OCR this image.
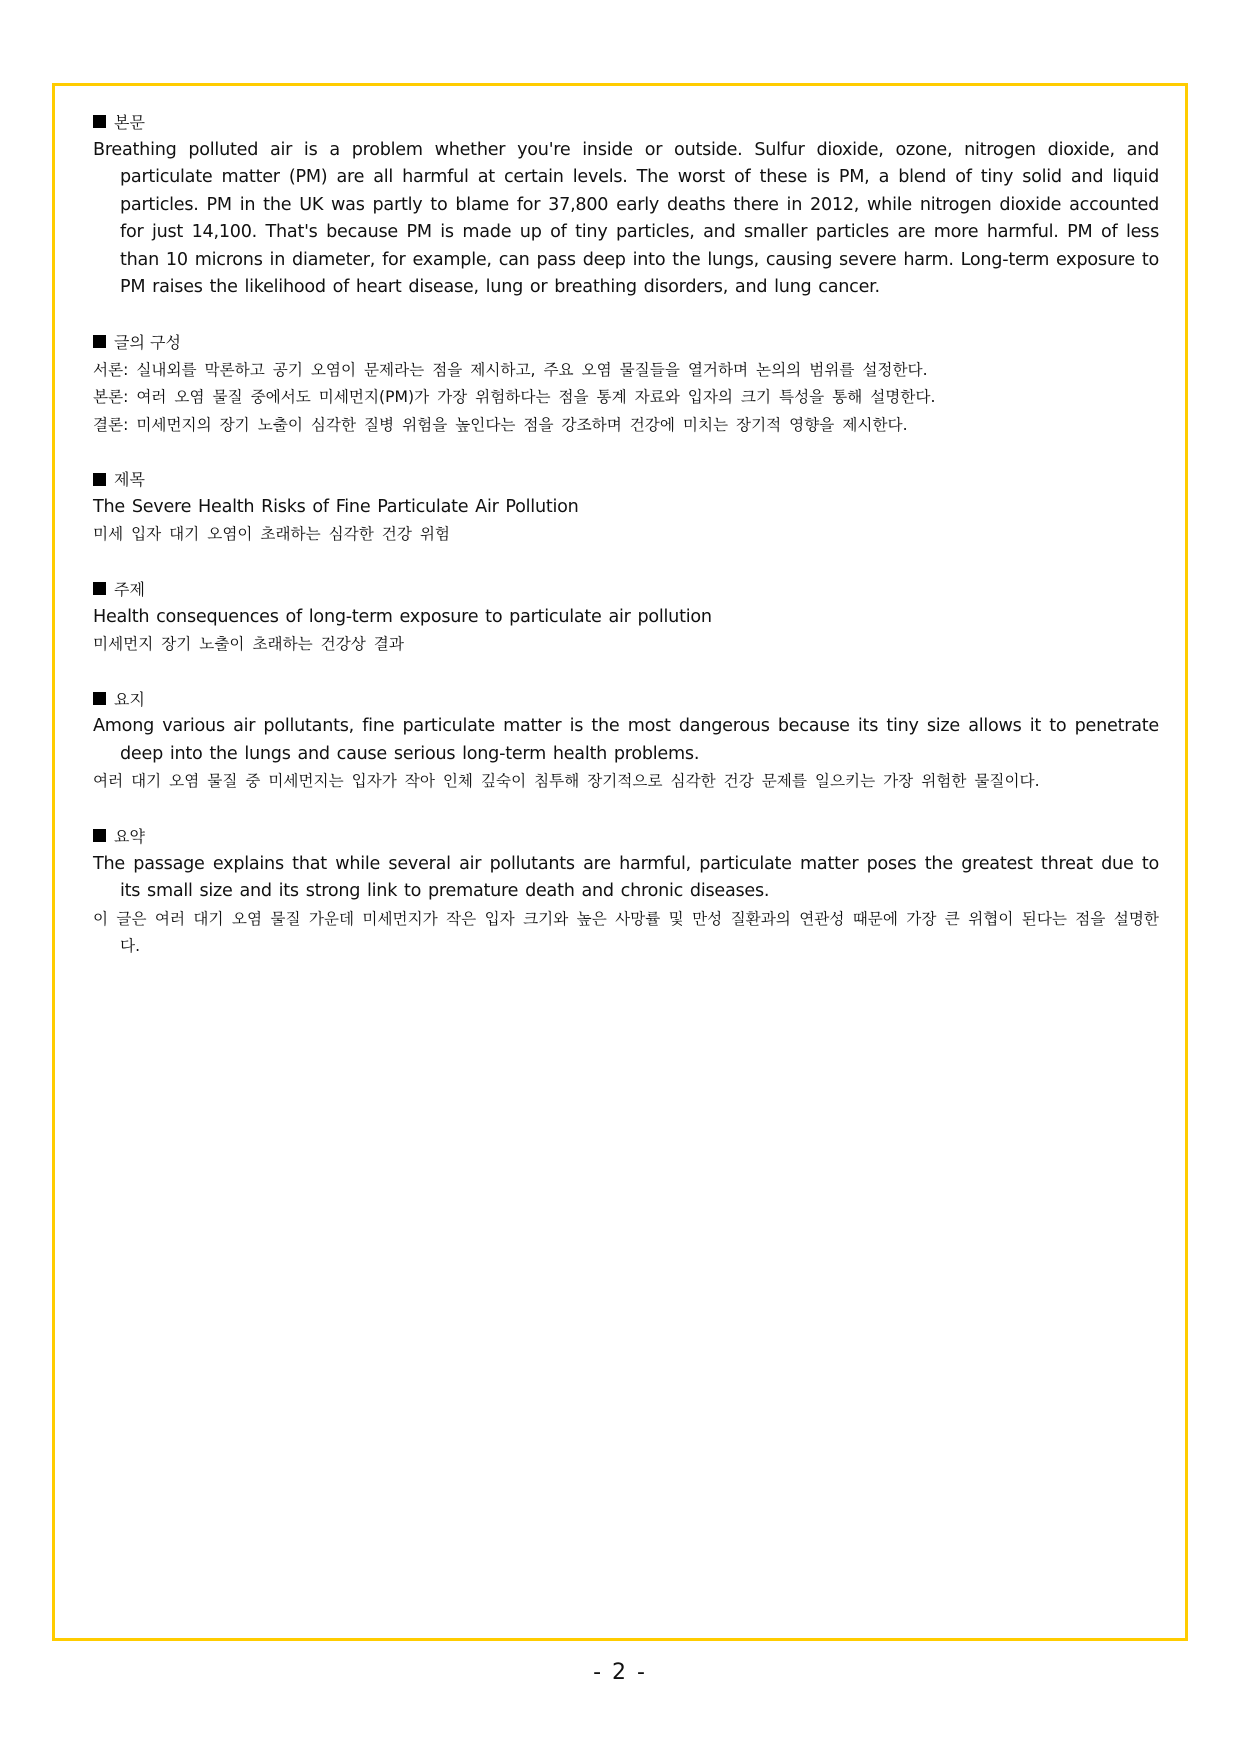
본문

Breathing polluted air is a problem whether you're inside or outside. Sulfur dioxide, ozone, nitrogen dioxide, and particulate matter (PM) are all harmful at certain levels. The worst of these is PM, a blend of tiny solid and liquid particles. PM in the UK was partly to blame for 37,800 early deaths there in 2012, while nitrogen dioxide accounted for just 14,100. That's because PM is made up of tiny particles, and smaller particles are more harmful. PM of less than 10 microns in diameter, for example, can pass deep into the lungs, causing severe harm. Long-term exposure to PM raises the likelihood of heart disease, lung or breathing disorders, and lung cancer.

글의 구성

서론: 실내외를 막론하고 공기 오염이 문제라는 점을 제시하고, 주요 오염 물질들을 열거하며 논의의 범위를 설정한다.

본론: 여러 오염 물질 중에서도 미세먼지(PM)가 가장 위험하다는 점을 통계 자료와 입자의 크기 특성을 통해 설명한다.

결론: 미세먼지의 장기 노출이 심각한 질병 위험을 높인다는 점을 강조하며 건강에 미치는 장기적 영향을 제시한다.

제목

The Severe Health Risks of Fine Particulate Air Pollution

미세 입자 대기 오염이 초래하는 심각한 건강 위험

주제

Health consequences of long-term exposure to particulate air pollution

미세먼지 장기 노출이 초래하는 건강상 결과

요지

Among various air pollutants, fine particulate matter is the most dangerous because its tiny size allows it to penetrate deep into the lungs and cause serious long-term health problems.

여러 대기 오염 물질 중 미세먼지는 입자가 작아 인체 깊숙이 침투해 장기적으로 심각한 건강 문제를 일으키는 가장 위험한 물질이다.

요약

The passage explains that while several air pollutants are harmful, particulate matter poses the greatest threat due to its small size and its strong link to premature death and chronic diseases.

이 글은 여러 대기 오염 물질 가운데 미세먼지가 작은 입자 크기와 높은 사망률 및 만성 질환과의 연관성 때문에 가장 큰 위협이 된다는 점을 설명한다.

- 2 -
